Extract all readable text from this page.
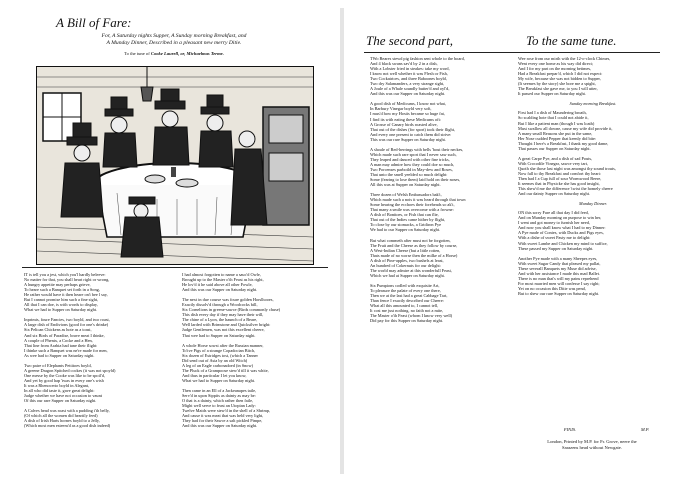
A Bill of Fare:
For, A Saturday nights Supper, A Sunday morning Breakfast, and
A Munday Dinner, Described in a pleasant new merry Ditie.
To the tune of Cooke Laurell, or, Michaelmas Terme.
IT is tell you a jest, which you'l hardly beleeve:
No matter for that, you shall heart right or wrong,
A hungry appetite may perhaps grieve,
To heare such a Banquet set forth in a Song,
He rather would have it then heare on't bee l say,
But I cannot promise him such a fine sight,
All that I can doe, is with words to display,
What we had to Supper on Saturday night.
Inprimis, foure Fancies, two boyld, and two roast,
A large dish of Endivions (good for one's drinke)
Six Pelican Chickens as hote as a toast,
And six Birds of Paradise, brave meat I thinke,
A couple of Phenix, a Cocke and a Hen,
That line from Arabia had tane their flight:
I thinke such a Banquet was ne're made for men,
As wee had to Supper on Saturday night.
Two paire of Elephants Pettitoes boyld,
A greene Dragon Spitched cockes (it was not spoyld)
One messe by the Cooke was like to be spoil'd,
And yet by good hap 'twas in every one's wish
It was a Rhenocerto boyld in Alegant,
In all who did taste it, gave great delight:
Judge whether we have not occasion to vaunt
Of this our rare Supper on Saturday night.
A Calves head was roast with a pudding i'th belly,
(Of which all the women did heartily feed)
A dish of Irish Harts hornes boyld to a Jelly,
(Which most men esteem'd as a good dish indeed)
I had almost forgotten to name a sauc'd Owle,
Brought up to the Master o'th Feast as his right,
He lov'd it he said above all other Fowle,
And this was our Supper on Saturday night.
The next in due course was foure golden Horslhooes,
Exactly dissolv'd through a Woodcocks bill,
Six Cornelions in greene-sawce (Birds commonly chuse)
This dish every day if they may have their will,
The chine of a Lyon, the haunch of a Beare,
Well larded with Brimstone and Quicksilver bright:
Judge Gentlemen, was not this excellent cheere,
That wee had to Supper on Saturday night.
A whole Horse sowst after the Russian manner,
To'ive Pigs of a strange Copadocian Bitch,
Six dozen of Estridges tost, (which a Tanner
Did send out of Asia by an old Witch)
A leg of an Eagle carbonadoed (in Snow)
The Pluck of a Grampoose stew'd till it was white,
And thus in particular I let you know,
What we had to Supper on Saturday night.
Then came in an Ell of a Jackeanapes taile,
Serv'd in upon Sippits as dainty as may be:
O that is a dainty, which rather then faile,
Might well serve to feast an Utopian Lady:
Twelve Maids were stew'd in the shell of a Shrimp,
And cause it was meat that was held very light,
They had for their Sawce a salt pickled Pimpe,
And this was our Supper on Saturday night.
The second part,	To the same tune.
TWo Beares stewd pig fashion sent whole to the board,
And 4 black swans sav'd by 2 in a dish,
With a Lobster fried in steakes: take my word,
I know not well whether it was Flesh or Fish,
Two Cockatrices, and three Baboones boyld,
Two dry Salamanders, a very strange sight,
A Joule of a Whale soundly butter'd and oyl'd,
And this was our Supper on Saturday night.
A good dish of Medicums, I know not what,
In Barbury Vinegar boyld very soft,
I mus'd how my Hostis became so huge fat,
I find its with eating these Medicums oft:
A Grosse of Canary birds roasted alive,
That out of the dishes (for sport) took their flight,
And every one present to catch them did strive:
This was our rare Supper on Saturday night.
A shoale of Red-herrings with bells 'bout their neckes,
Which made such rare sport that I never saw such,
They leaped and danced with other fine tricks,
A man may admire how they could doe so much,
Two Porcenses parboild in May-dew and Roses,
That unto the smell yeelded so much delight:
Some (fearing to lose them) laid hold on their noses,
All this was at Supper on Saturday night.
Three dozen of Welsh Embassadors bak't,
Which made such a nois it was heard through that town
Some hearing the ecchoes their foreheads so ak't,
That many a smile was overcome with a frowne:
A dish of Bonitoes, or Fish that can flie,
That out of the Indies came hither by flight,
To close by our stomacks, a Gridiron Pye
We had to our Supper on Saturday night.
But what commeth after must not be forgotten,
The Fruit and the Cheese as they follow by course,
A West-Indian Cheese (but a little rotten,
Thats made of no worse then the milke of a Horse)
A dish of Pine-apples, two bushels at least,
An hundred of Cokernuts for our delight:
The world may admire at this wonderfull Feast,
Which we had at Supper on Saturday night.
Six Pumpions codled with exquisite Art,
To pleasure the palate of every one there,
Then we at the last had a great Cabbage Tart,
Than fence I exactly described our Cheere:
What all this amounted to, I cannot tell,
It cost me just nothing, no faith not a mite,
The Master o'th Feast (whom I know very well)
Did pay for this Supper on Saturday night.
Wee rose from our mirth with the 12-o-clock Chimes,
Went every one home as his way did direct;
And I for my part on the morning betimes,
Had a Breakfast prepar'd, which I did not expect:
My wife, because she was not bidden to Supper,
(It seemes by the story) she bore me a spight,
The Breakfast she gave me, to you I will utter,
It passed our Supper on Saturday night.
Sunday morning Breakfast.
First had I a dish of Maundering broath,
So scalding hote that I could not abide it,
But I like a patient man (though I was loath)
Must swallow all downe, cause my wife did provide it,
A many small Reasons she put in the same,
Her Nose cudded Pepper that keenly did bite:
Thought I here's a Breakfast, I thank my good dame,
That passes our Supper on Saturday night.
A great Carpe Pye, and a dish of sad Pouts,
With Crocodile Vinegar, sawce very tart,
Quoth she those last night was amongst thy sound trouts,
Now fall to thy Breakfast and comfort thy heart:
Then had I a Cup full of sour Wormwood Beere,
It seemes that in Physicke she has good insight,
This shew'd me the difference 'twixt the homely cheere
And our dainty Supper on Saturday night.
Munday Dinner.
ON this sorry Fare all that day I did feed,
And on Munday morning on purpose to win her,
I went and got money to furnish her need,
And now you shall know what I had to my Dinner:
A Pye made of Conies, with Ducks and Pigs eyes,
With a dishe of sweet Pasty me to delight:
With sweet Lambe and Chicken my mind to suffice,
These passed my Supper on Saturday night.
Another Pye made with a many Sheepes eyes,
With sweet Sugar Candy that pleased my pallat,
These severall Banquets my Muse did advise,
And with her assistance I made this mad Ballet.
There is no man that's will my pains reprehend
For most married men will confesse I say right;
Yet on no occasion this Ditie was pend,
But to shew our rare Supper on Saturday night.
FINIS.	M.P.
London, Printed by M.P. for Fr. Grove, neere the
Sarazens head without Newgate.
